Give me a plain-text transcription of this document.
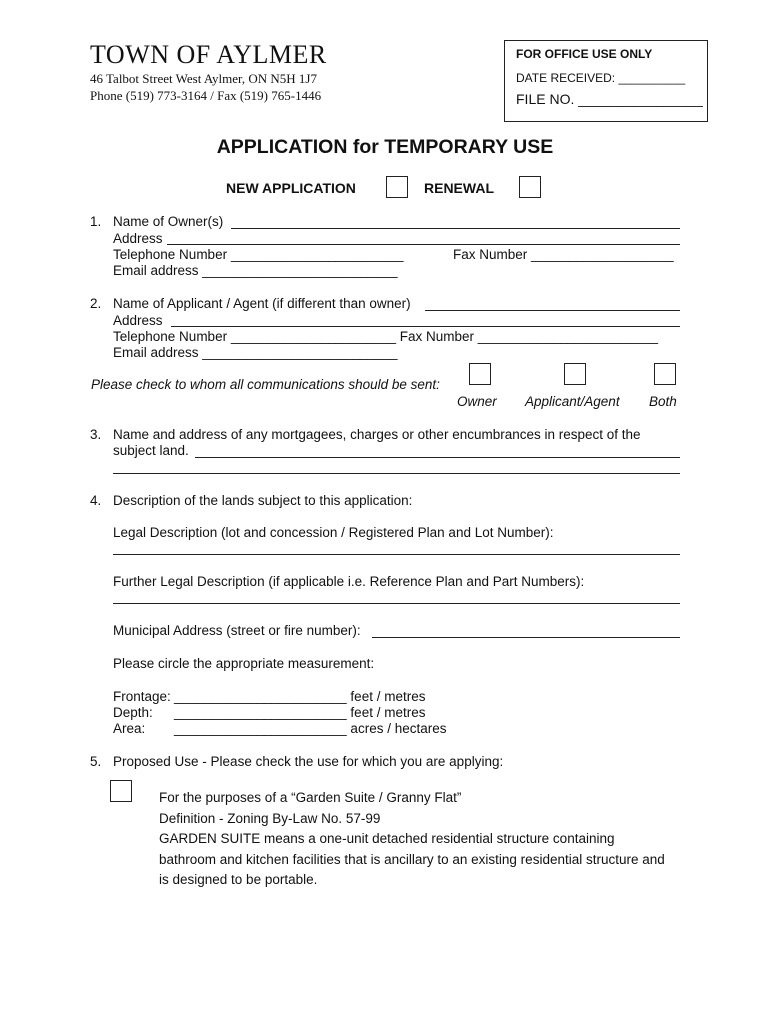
TOWN OF AYLMER
46 Talbot Street West Aylmer, ON N5H 1J7
Phone (519) 773-3164 / Fax (519) 765-1446
FOR OFFICE USE ONLY
DATE RECEIVED: __________
FILE NO. ________________
APPLICATION for TEMPORARY USE
NEW APPLICATION	RENEWAL
1. Name of Owner(s)
Address
Telephone Number _______________________	Fax Number ___________________
Email address __________________________
2. Name of Applicant / Agent (if different than owner)
Address
Telephone Number ______________________ Fax Number ________________________
Email address __________________________
Please check to whom all communications should be sent:
Owner Applicant/Agent Both
3. Name and address of any mortgagees, charges or other encumbrances in respect of the
subject land.
4. Description of the lands subject to this application:
Legal Description (lot and concession / Registered Plan and Lot Number):
Further Legal Description (if applicable i.e. Reference Plan and Part Numbers):
Municipal Address (street or fire number):
Please circle the appropriate measurement:
Frontage: _______________________ feet / metres
Depth: _______________________ feet / metres
Area: _______________________ acres / hectares
5. Proposed Use - Please check the use for which you are applying:
For the purposes of a “Garden Suite / Granny Flat”
Definition - Zoning By-Law No. 57-99
GARDEN SUITE means a one-unit detached residential structure containing
bathroom and kitchen facilities that is ancillary to an existing residential structure and
is designed to be portable.
